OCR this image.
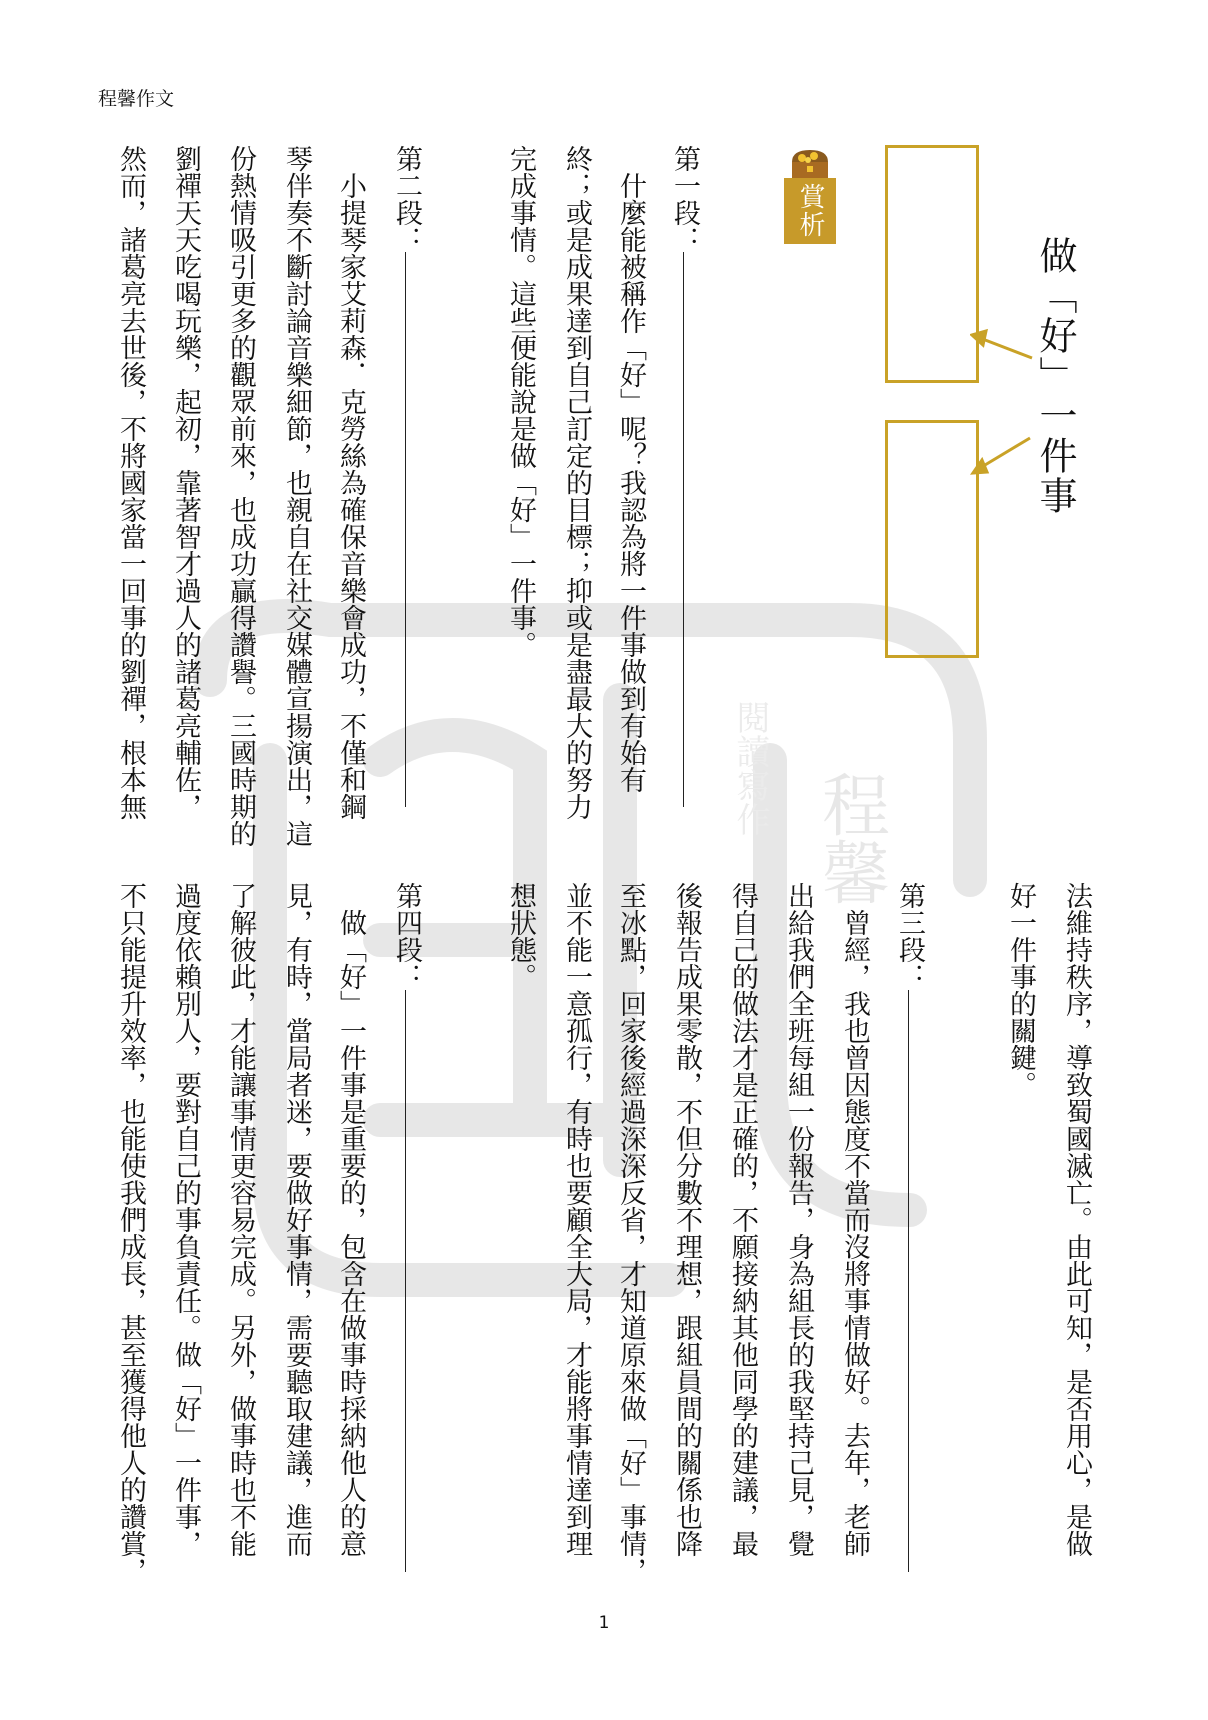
程馨作文
程馨
閱讀寫作
做「好」一件事
賞析
第一段：
第二段：
第三段：
第四段：
　什麼能被稱作「好」呢？我認為將一件事做到有始有
終；或是成果達到自己訂定的目標；抑或是盡最大的努力
完成事情。這些便能說是做「好」一件事。
　小提琴家艾莉森．克勞絲為確保音樂會成功，不僅和鋼
琴伴奏不斷討論音樂細節，也親自在社交媒體宣揚演出，這
份熱情吸引更多的觀眾前來，也成功贏得讚譽。三國時期的
劉禪天天吃喝玩樂，起初，靠著智才過人的諸葛亮輔佐，
然而，諸葛亮去世後，不將國家當一回事的劉禪，根本無
法維持秩序，導致蜀國滅亡。由此可知，是否用心，是做
好一件事的關鍵。
　曾經，我也曾因態度不當而沒將事情做好。去年，老師
出給我們全班每組一份報告，身為組長的我堅持己見，覺
得自己的做法才是正確的，不願接納其他同學的建議，最
後報告成果零散，不但分數不理想，跟組員間的關係也降
至冰點，回家後經過深深反省，才知道原來做「好」事情，
並不能一意孤行，有時也要顧全大局，才能將事情達到理
想狀態。
　做「好」一件事是重要的，包含在做事時採納他人的意
見，有時，當局者迷，要做好事情，需要聽取建議，進而
了解彼此，才能讓事情更容易完成。另外，做事時也不能
過度依賴別人，要對自己的事負責任。做「好」一件事，
不只能提升效率，也能使我們成長，甚至獲得他人的讚賞，
1
